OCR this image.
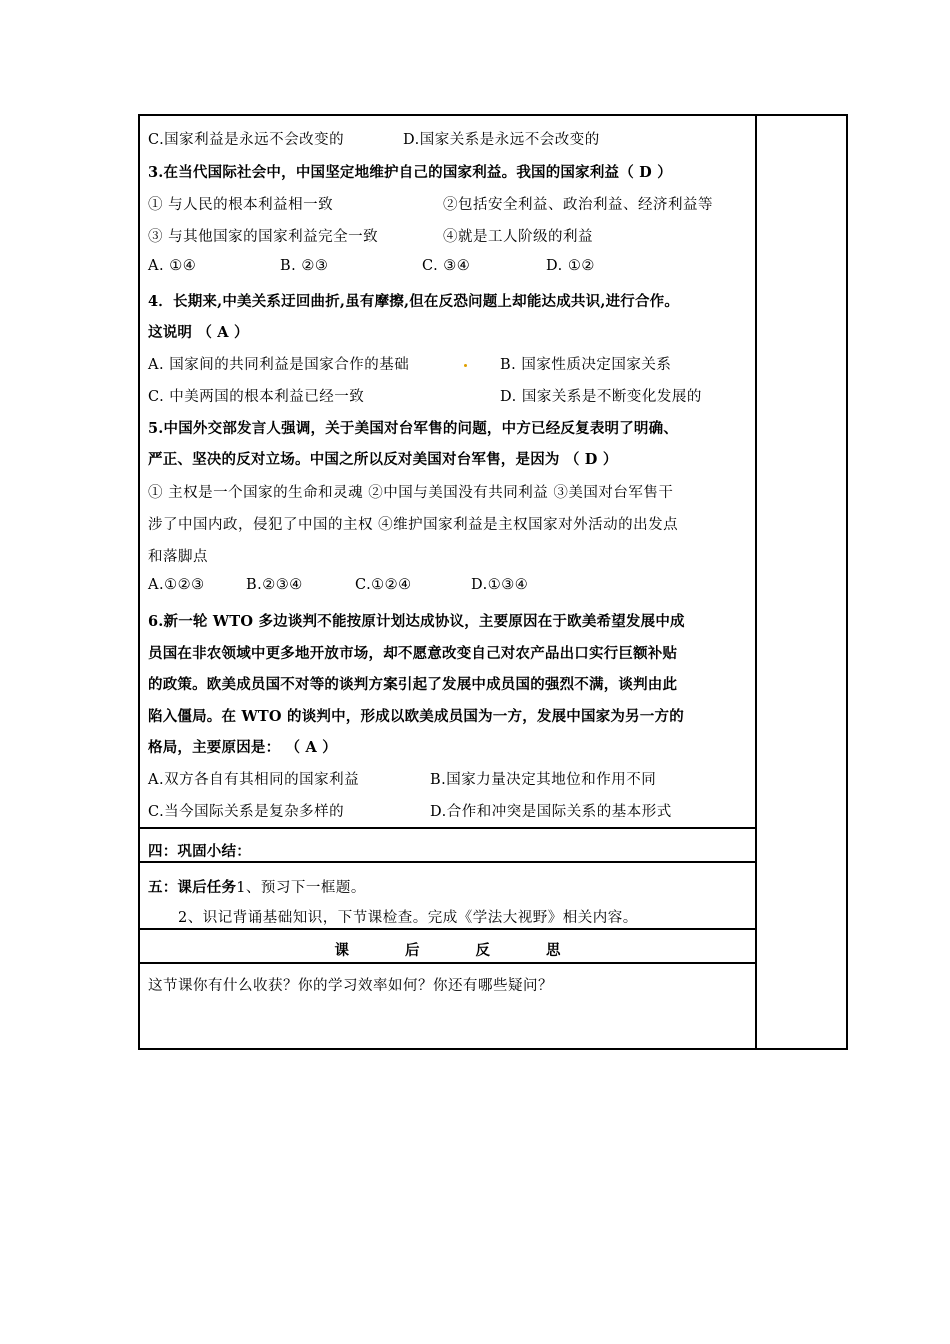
C.国家利益是永远不会改变的	D.国家关系是永远不会改变的
3.在当代国际社会中，中国坚定地维护自己的国家利益。我国的国家利益（ D ）
① 与人民的根本利益相一致	②包括安全利益、政治利益、经济利益等
③ 与其他国家的国家利益完全一致	④就是工人阶级的利益
A. ①④	B. ②③	C. ③④	D. ①②
4．长期来,中美关系迂回曲折,虽有摩擦,但在反恐问题上却能达成共识,进行合作。
这说明 （ A ）
A. 国家间的共同利益是国家合作的基础	B. 国家性质决定国家关系
C. 中美两国的根本利益已经一致	D. 国家关系是不断变化发展的
5.中国外交部发言人强调，关于美国对台军售的问题，中方已经反复表明了明确、
严正、坚决的反对立场。中国之所以反对美国对台军售，是因为 （ D ）
① 主权是一个国家的生命和灵魂 ②中国与美国没有共同利益 ③美国对台军售干
涉了中国内政，侵犯了中国的主权 ④维护国家利益是主权国家对外活动的出发点
和落脚点
A.①②③	B.②③④	C.①②④	D.①③④
6.新一轮 WTO 多边谈判不能按原计划达成协议，主要原因在于欧美希望发展中成
员国在非农领域中更多地开放市场，却不愿意改变自己对农产品出口实行巨额补贴
的政策。欧美成员国不对等的谈判方案引起了发展中成员国的强烈不满，谈判由此
陷入僵局。在 WTO 的谈判中，形成以欧美成员国为一方，发展中国家为另一方的
格局，主要原因是： （ A ）
A.双方各自有其相同的国家利益	B.国家力量决定其地位和作用不同
C.当今国际关系是复杂多样的	D.合作和冲突是国际关系的基本形式
四：巩固小结：
五：课后任务1、预习下一框题。
2、识记背诵基础知识，下节课检查。完成《学法大视野》相关内容。
课	后	反	思
这节课你有什么收获？你的学习效率如何？你还有哪些疑问？
